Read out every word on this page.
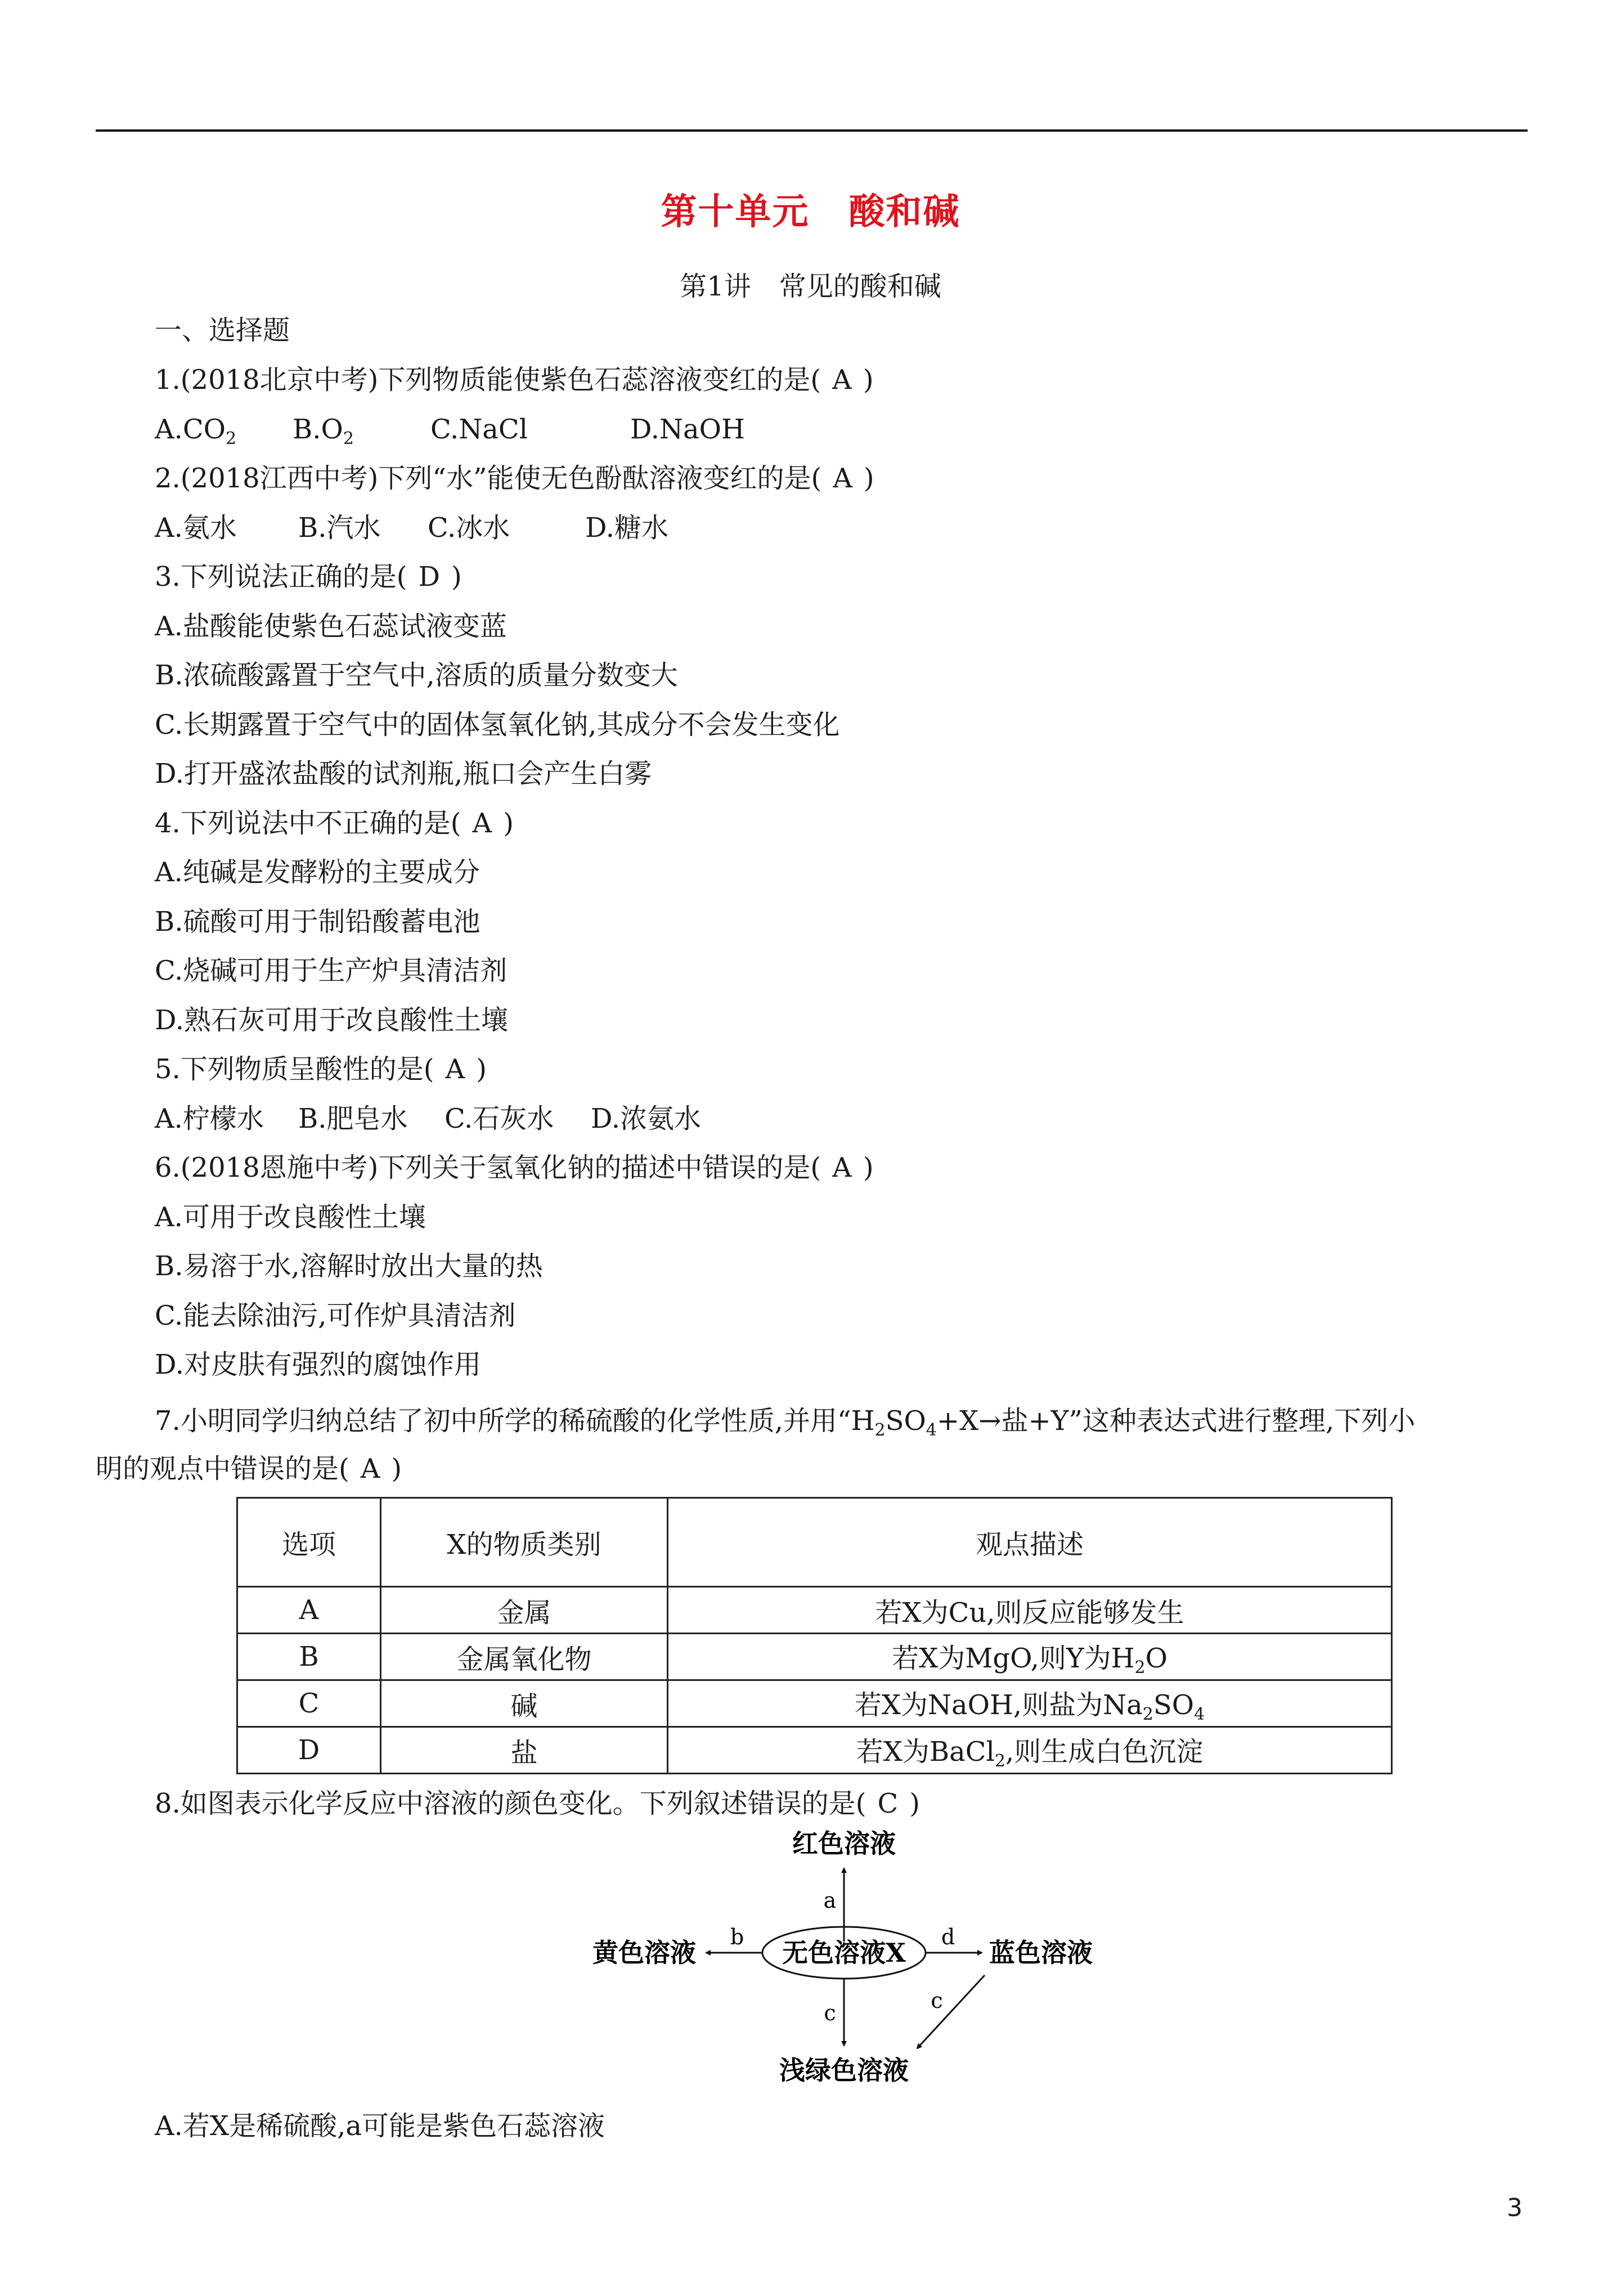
第十单元 酸和碱
第1讲 常见的酸和碱
一、选择题
1.(2018北京中考)下列物质能使紫色石蕊溶液变红的是( A )
$A.CO_2$ $B.O_2$	C.NaCl	D.NaOH
2.(2018江西中考)下列“水”能使无色酚酞溶液变红的是( A )
A.氨水 B.汽水 C.冰水	D.糖水
3.下列说法正确的是( D )
A.盐酸能使紫色石蕊试液变蓝
B.浓硫酸露置于空气中,溶质的质量分数变大
C.长期露置于空气中的固体氢氧化钠,其成分不会发生变化
D.打开盛浓盐酸的试剂瓶,瓶口会产生白雾
4.下列说法中不正确的是( A )
A.纯碱是发酵粉的主要成分
B.硫酸可用于制铅酸蓄电池
C.烧碱可用于生产炉具清洁剂
D.熟石灰可用于改良酸性土壤
5.下列物质呈酸性的是( A )
A.柠檬水 B.肥皂水 C.石灰水 D.浓氨水
6.(2018恩施中考)下列关于氢氧化钠的描述中错误的是( A )
A.可用于改良酸性土壤
B.易溶于水,溶解时放出大量的热
C.能去除油污,可作炉具清洁剂
D.对皮肤有强烈的腐蚀作用
7.小明同学归纳总结了初中所学的稀硫酸的化学性质,并用“$H_2SO_4+X\to$盐+Y”这种表达式进行整理,下列小
明的观点中错误的是( A )
选项	X的物质类别	观点描述
A	金属	若X为Cu,则反应能够发生
B	金属氧化物	若X为MgO,则Y为$H_2O$
C	碱	若X为NaOH,则盐为$Na_2SO_4$
D	盐	若X为BaCl$_2$,则生成白色沉淀
8.如图表示化学反应中溶液的颜色变化。下列叙述错误的是( C )
红色溶液
a
无色溶液X
b
黄色溶液
d
蓝色溶液
c	c
浅绿色溶液
A.若X是稀硫酸,a可能是紫色石蕊溶液
3
